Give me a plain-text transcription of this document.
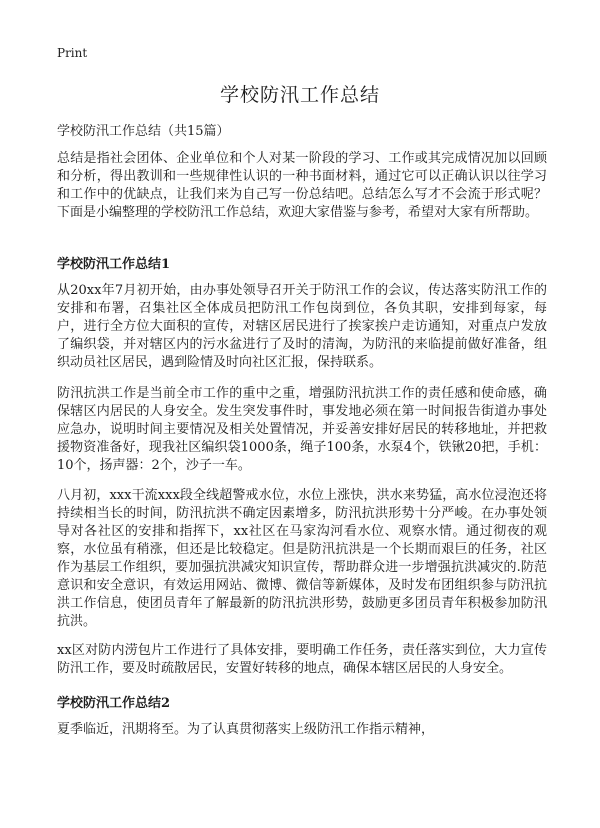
Print
学校防汛工作总结

学校防汛工作总结（共15篇）

总结是指社会团体、企业单位和个人对某一阶段的学习、工作或其完成情况加以回顾和分析，得出教训和一些规律性认识的一种书面材料，通过它可以正确认识以往学习和工作中的优缺点，让我们来为自己写一份总结吧。总结怎么写才不会流于形式呢？下面是小编整理的学校防汛工作总结，欢迎大家借鉴与参考，希望对大家有所帮助。

学校防汛工作总结1

从20xx年7月初开始，由办事处领导召开关于防汛工作的会议，传达落实防汛工作的安排和布署，召集社区全体成员把防汛工作包岗到位，各负其职，安排到每家，每户，进行全方位大面积的宣传，对辖区居民进行了挨家挨户走访通知，对重点户发放了编织袋，并对辖区内的污水盆进行了及时的清淘，为防汛的来临提前做好准备，组织动员社区居民，遇到险情及时向社区汇报，保持联系。

防汛抗洪工作是当前全市工作的重中之重，增强防汛抗洪工作的责任感和使命感，确保辖区内居民的人身安全。发生突发事件时，事发地必须在第一时间报告街道办事处应急办，说明时间主要情况及相关处置情况，并妥善安排好居民的转移地址，并把救援物资准备好，现我社区编织袋1000条，绳子100条，水泵4个，铁锹20把，手机：10个，扬声器：2个，沙子一车。

八月初，xxx干流xxx段全线超警戒水位，水位上涨快，洪水来势猛，高水位浸泡还将持续相当长的时间，防汛抗洪不确定因素增多，防汛抗洪形势十分严峻。在办事处领导对各社区的安排和指挥下，xx社区在马家沟河看水位、观察水情。通过彻夜的观察，水位虽有稍涨，但还是比较稳定。但是防汛抗洪是一个长期而艰巨的任务，社区作为基层工作组织，要加强抗洪减灾知识宣传，帮助群众进一步增强抗洪减灾的.防范意识和安全意识，有效运用网站、微博、微信等新媒体，及时发布团组织参与防汛抗洪工作信息，使团员青年了解最新的防汛抗洪形势，鼓励更多团员青年积极参加防汛抗洪。

xx区对防内涝包片工作进行了具体安排，要明确工作任务，责任落实到位，大力宣传防汛工作，要及时疏散居民，安置好转移的地点，确保本辖区居民的人身安全。

学校防汛工作总结2

夏季临近，汛期将至。为了认真贯彻落实上级防汛工作指示精神，
